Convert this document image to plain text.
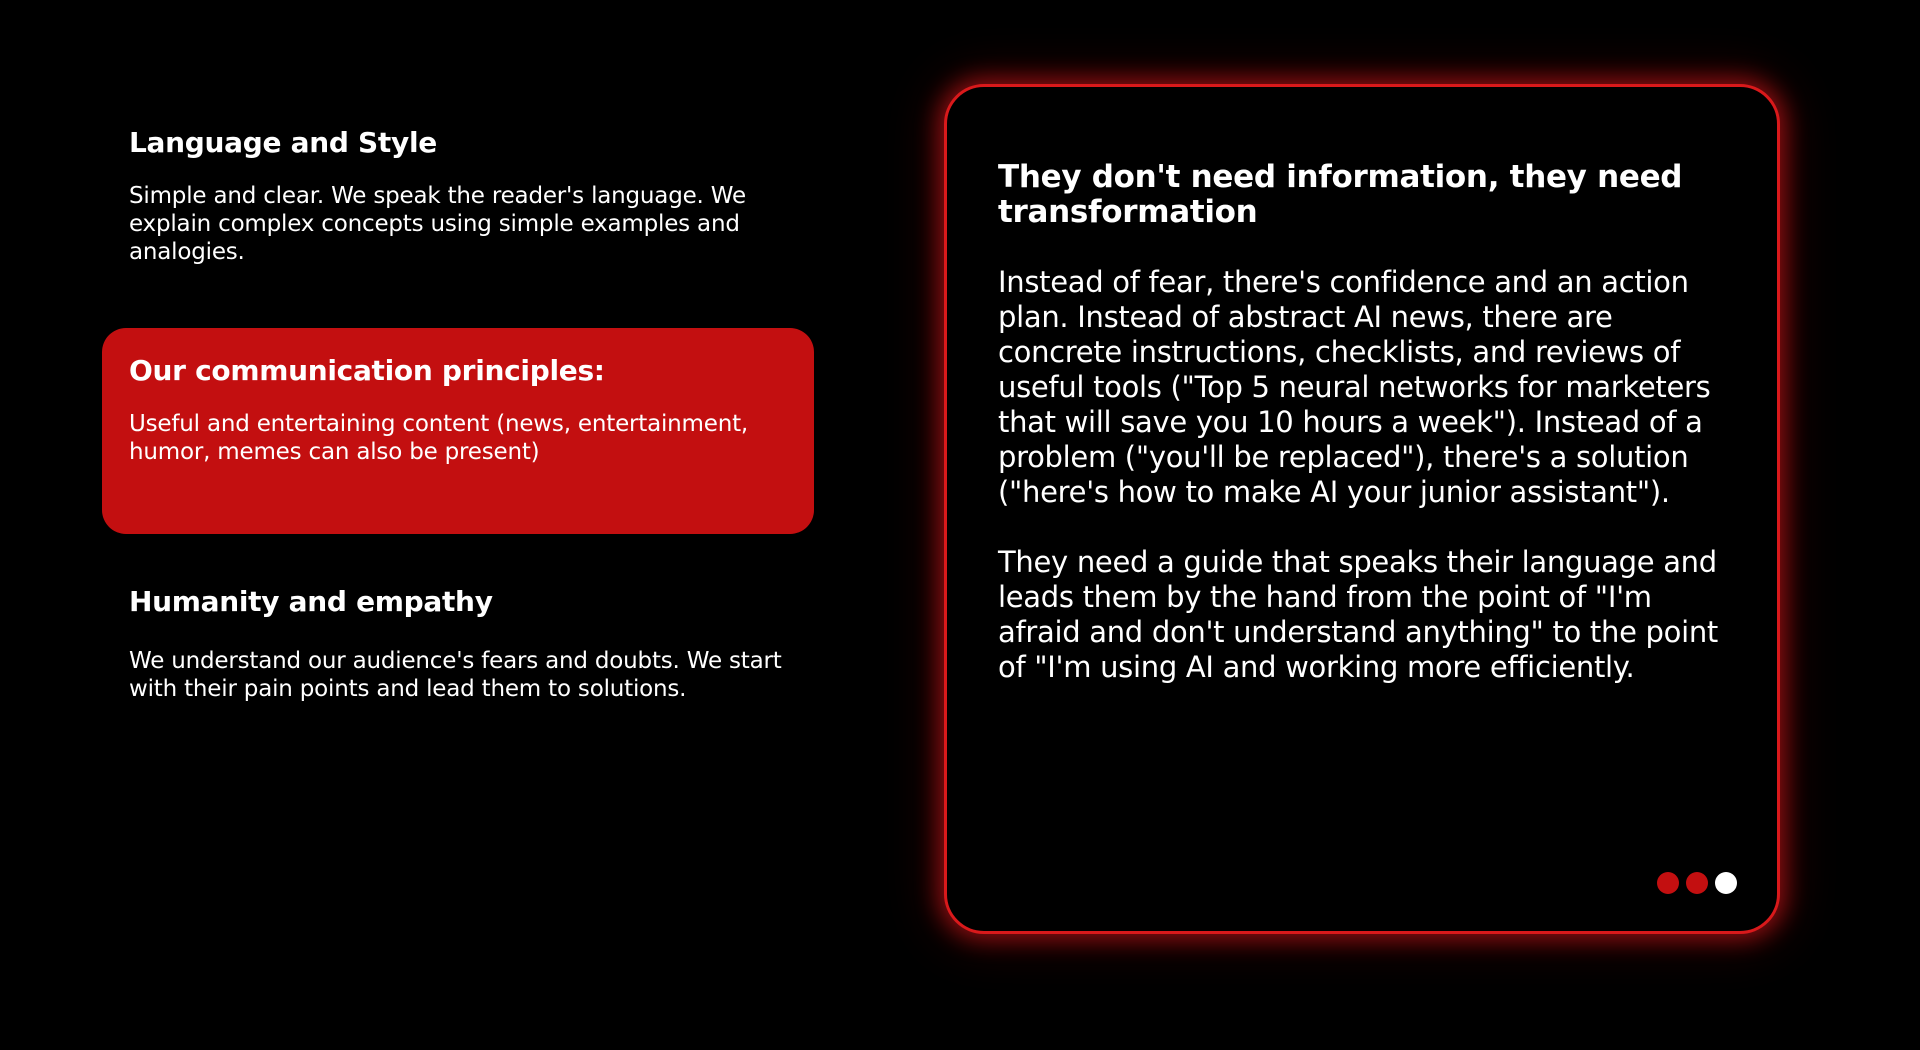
Language and Style

Simple and clear. We speak the reader's language. We explain complex concepts using simple examples and analogies.

Our communication principles:

Useful and entertaining content (news, entertainment, humor, memes can also be present)

Humanity and empathy

We understand our audience's fears and doubts. We start with their pain points and lead them to solutions.

They don't need information, they need transformation

Instead of fear, there's confidence and an action plan. Instead of abstract AI news, there are concrete instructions, checklists, and reviews of useful tools ("Top 5 neural networks for marketers that will save you 10 hours a week"). Instead of a problem ("you'll be replaced"), there's a solution ("here's how to make AI your junior assistant").

They need a guide that speaks their language and leads them by the hand from the point of "I'm afraid and don't understand anything" to the point of "I'm using AI and working more efficiently.
